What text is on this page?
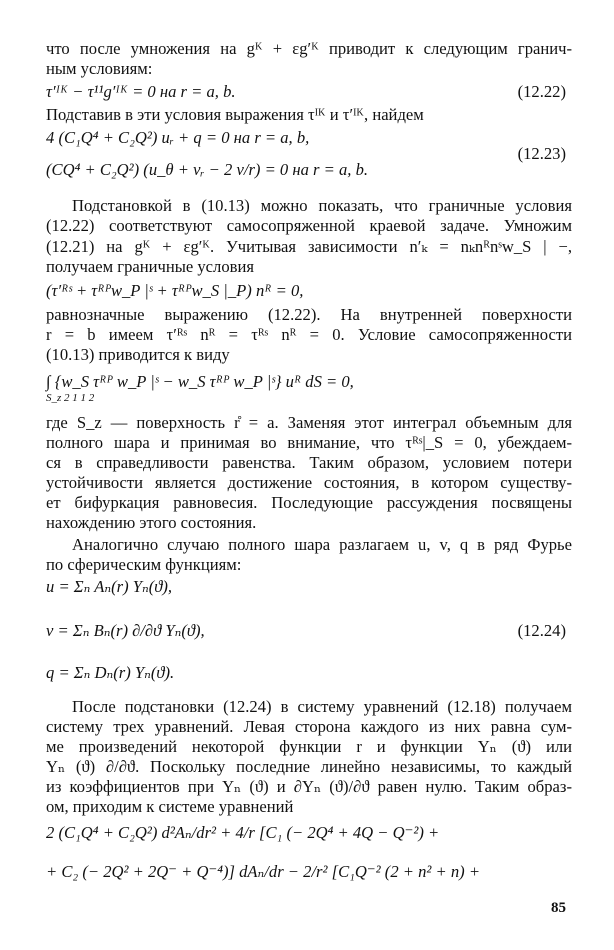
что после умножения на gᴷ + εg′ᴷ приводит к следующим гранич-
ным условиям:
τ′ᴵᴷ − τ¹¹g′ᴵᴷ = 0 на r = a, b.	(12.22)
Подставив в эти условия выражения τᴵᴷ и τ′ᴵᴷ, найдем
4 (C₁Q⁴ + C₂Q²) uᵣ + q = 0 на r = a, b,
(CQ⁴ + C₂Q²) (u_θ + vᵣ − 2 v/r) = 0 на r = a, b.
(12.23)
Подстановкой в (10.13) можно показать, что граничные условия
(12.22) соответствуют самосопряженной краевой задаче. Умножим
(12.21) на gᴷ + εg′ᴷ. Учитывая зависимости n′ₖ = nₖnᴿnˢw_S | −,
получаем граничные условия
(τ′ᴿˢ + τᴿᴾw_P |ˢ + τᴿᴾw_S |_P) nᴿ = 0,
равнозначные выражению (12.22). На внутренней поверхности
r = b имеем τ′ᴿˢ nᴿ = τᴿˢ nᴿ = 0. Условие самосопряженности
(10.13) приводится к виду
∫ {w_S τᴿᴾ w_P |ˢ − w_S τᴿᴾ w_P |ˢ} uᴿ dS = 0,
S_z 2 1 1 2
где S_z — поверхность r̊ = a. Заменяя этот интеграл объемным для
полного шара и принимая во внимание, что τᴿˢ|_S = 0, убеждаем-
ся в справедливости равенства. Таким образом, условием потери
устойчивости является достижение состояния, в котором существу-
ет бифуркация равновесия. Последующие рассуждения посвящены
нахождению этого состояния.
Аналогично случаю полного шара разлагаем u, v, q в ряд Фурье
по сферическим функциям:
u = Σₙ Aₙ(r) Yₙ(ϑ),
v = Σₙ Bₙ(r) ∂/∂ϑ Yₙ(ϑ),
q = Σₙ Dₙ(r) Yₙ(ϑ).
(12.24)
После подстановки (12.24) в систему уравнений (12.18) получаем
систему трех уравнений. Левая сторона каждого из них равна сум-
ме произведений некоторой функции r и функции Yₙ (ϑ) или
Yₙ (ϑ) ∂/∂ϑ. Поскольку последние линейно независимы, то каждый
из коэффициентов при Yₙ (ϑ) и ∂Yₙ (ϑ)/∂ϑ равен нулю. Таким образ-
ом, приходим к системе уравнений
2 (C₁Q⁴ + C₂Q²) d²Aₙ/dr² + 4/r [C₁ (− 2Q⁴ + 4Q − Q⁻²) +
+ C₂ (− 2Q² + 2Q⁻ + Q⁻⁴)] dAₙ/dr − 2/r² [C₁Q⁻² (2 + n² + n) +
85
